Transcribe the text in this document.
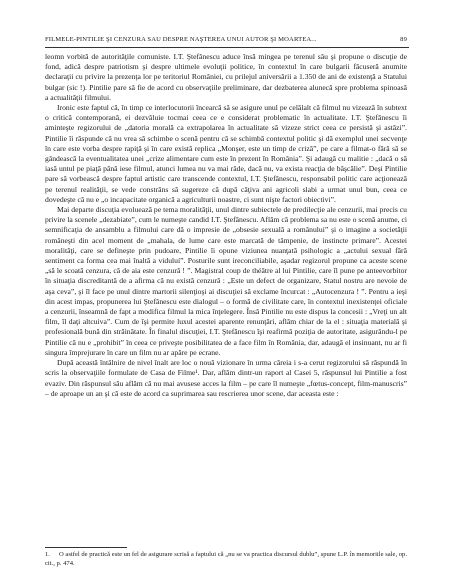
FILMELE-PINTILIE ŞI CENZURA SAU DESPRE NAŞTEREA UNUI AUTOR ŞI MOARTEA...	89

leomn vorbită de autorităţile comuniste. I.T. Ştefănescu aduce însă mingea pe terenul său şi propune o discuţie de fond, adică despre patriotism şi despre ultimele evoluţii politice, în contextul în care bulgarii făcuseră anumite declaraţii cu privire la prezenţa lor pe teritoriul României, cu prilejul aniversării a 1.350 de ani de existenţă a Statului bulgar (sic !). Pintilie pare să fie de acord cu observaţiile preliminare, dar dezbaterea alunecă spre problema spinoasă a actualităţii filmului.

Ironic este faptul că, în timp ce interlocutorii încearcă să se asigure unul pe celălalt că filmul nu vizează în subtext o critică contemporană, ei dezvăluie tocmai ceea ce e considerat problematic în actualitate. I.T. Ştefănescu îi aminteşte regizorului de „datoria morală ca extrapolarea în actualitate să vizeze strict ceea ce persistă şi astăzi”. Pintilie îi răspunde că nu vrea să schimbe o scenă pentru că se schimbă contextul politic şi dă exemplul unei secvenţe în care este vorba despre rapiţă şi în care există replica „Monşer, este un timp de criză”, pe care a filmat-o fără să se gândească la eventualitatea unei „crize alimentare cum este în prezent în România”. Şi adaugă cu malitie : „dacă o să iasă untul pe piaţă până iese filmul, atunci lumea nu va mai râde, dacă nu, va exista reacţia de băşcălie”. Deşi Pintilie pare să vorbească despre faptul artistic care transcende contextul, I.T. Ştefănescu, responsabil politic care acţionează pe terenul realităţii, se vede constrâns să sugereze că după câţiva ani agricoli slabi a urmat unul bun, ceea ce dovedeşte că nu e „o incapacitate organică a agriculturii noastre, ci sunt nişte factori obiectivi”.

Mai departe discuţia evoluează pe tema moralităţii, unul dintre subiectele de predilecţie ale cenzurii, mai precis cu privire la scenele „dezabiate”, cum le numeşte candid I.T. Ştefănescu. Aflăm că problema sa nu este o scenă anume, ci semnificaţia de ansamblu a filmului care dă o impresie de „obsesie sexuală a românului” şi o imagine a societăţii româneşti din acel moment de „mahala, de lume care este marcată de tâmpenie, de instincte primare”. Acestei moralităţi, care se defineşte prin pudoare, Pintilie îi opune viziunea nuanţată psihologic a „actului sexual fără sentiment ca forma cea mai înaltă a viduluí”. Posturile sunt ireconciliabile, aşadar regizorul propune ca aceste scene „să le scoată cenzura, că de aia este cenzură ! ”. Magistral coup de théâtre al lui Pintilie, care îl pune pe anteevorbitor în situaţia discreditantă de a afirma că nu există cenzură : „Este un defect de organizare, Statul nostru are nevoie de aşa ceva”, şi îl face pe unul dintre martorii silenţioşi ai discuţiei să exclame încurcat : „Autocenzura ! ”. Pentru a ieşi din acest impas, propunerea lui Ştefănescu este dialogul – o formă de civilitate care, în contextul inexistenţei oficiale a cenzurii, înseamnă de fapt a modifica filmul la mica înţelegere. Însă Pintilie nu este dispus la concesii : „Vreţi un alt film, îl daţi altcuiva”. Cum de îşi permite luxul acestei aparente renunţări, aflăm chiar de la el : situaţia materială şi profesională bună din străinătate. În finalul discuţiei, I.T. Ştefănescu îşi reafirmă poziţia de autoritate, asigurându-l pe Pintilie că nu e „prohibit” în ceea ce priveşte posibilitatea de a face film în România, dar, adaugă el insinuant, nu ar fi singura împrejurare în care un film nu ar apăre pe ecrane.

După această întâlnire de nivel înalt are loc o nouă vizionare în urma căreia i s-a cerut regizorului să răspundă în scris la observaţiile formulate de Casa de Filme¹. Dar, aflăm dintr-un raport al Casei 5, răspunsul lui Pintilie a fost evaziv. Din răspunsul său aflăm că nu mai avusese acces la film – pe care îl numeşte „fœtus-concept, film-manuscris” – de aproape un an şi că este de acord ca suprimarea sau rescrierea unor scene, dar aceasta este :

1. O astfel de practică este un fel de asigurare scrisă a faptului că „nu se va practica discursul dublu”, spune L.P. în memoriile sale, op. cit., p. 474.
